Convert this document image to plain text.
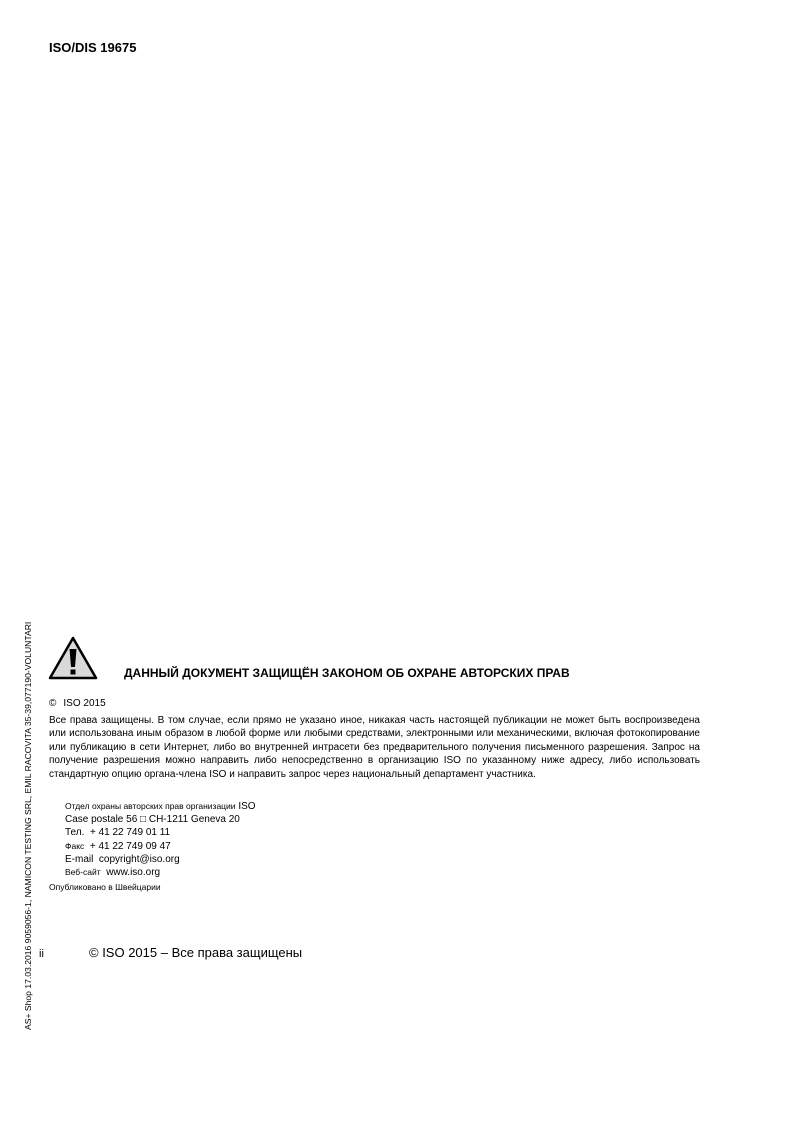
ISO/DIS 19675
AS+ Shop 17.03.2016 9059056-1, NAMICON TESTING SRL, EMIL RACOVITA 35-39,077190-VOLUNTARI	ДАННЫЙ ДОКУМЕНТ ЗАЩИЩЁН ЗАКОНОМ ОБ ОХРАНЕ АВТОРСКИХ ПРАВ
© ISO 2015
Все права защищены. В том случае, если прямо не указано иное, никакая часть настоящей публикации не может быть воспроизведена или использована иным образом в любой форме или любыми средствами, электронными или механическими, включая фотокопирование или публикацию в сети Интернет, либо во внутренней интрасети без предварительного получения письменного разрешения. Запрос на получение разрешения можно направить либо непосредственно в организацию ISO по указанному ниже адресу, либо использовать стандартную опцию органа-члена ISO и направить запрос через национальный департамент участника.
Отдел охраны авторских прав организации ISO
Case postale 56 □ CH-1211 Geneva 20
Тел. + 41 22 749 01 11
Факс + 41 22 749 09 47
E-mail copyright@iso.org
Веб-сайт www.iso.org
Опубликовано в Швейцарии
ii	© ISO 2015 – Все права защищены
